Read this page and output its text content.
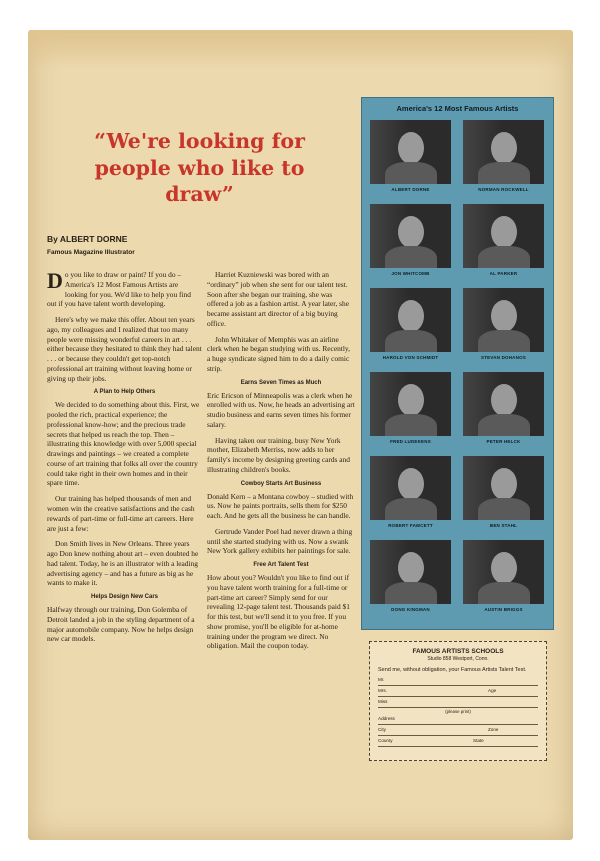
“We're looking for people who like to draw”
By ALBERT DORNE
Famous Magazine Illustrator

Do you like to draw or paint? If you do – America's 12 Most Famous Artists are looking for you. We'd like to help you find out if you have talent worth developing.

Here's why we make this offer. About ten years ago, my colleagues and I realized that too many people were missing wonderful careers in art . . . either because they hesitated to think they had talent . . . or because they couldn't get top-notch professional art training without leaving home or giving up their jobs.

A Plan to Help Others

We decided to do something about this. First, we pooled the rich, practical experience; the professional know-how; and the precious trade secrets that helped us reach the top. Then – illustrating this knowledge with over 5,000 special drawings and paintings – we created a complete course of art training that folks all over the country could take right in their own homes and in their spare time.

Our training has helped thousands of men and women win the creative satisfactions and the cash rewards of part-time or full-time art careers. Here are just a few:

Don Smith lives in New Orleans. Three years ago Don knew nothing about art – even doubted he had talent. Today, he is an illustrator with a leading advertising agency – and has a future as big as he wants to make it.

Helps Design New Cars

Halfway through our training, Don Golemba of Detroit landed a job in the styling department of a major automobile company. Now he helps design new car models.

Harriet Kuzniewski was bored with an “ordinary” job when she sent for our talent test. Soon after she began our training, she was offered a job as a fashion artist. A year later, she became assistant art director of a big buying office.

John Whitaker of Memphis was an airline clerk when he began studying with us. Recently, a huge syndicate signed him to do a daily comic strip.

Earns Seven Times as Much

Eric Ericson of Minneapolis was a clerk when he enrolled with us. Now, he heads an advertising art studio business and earns seven times his former salary.

Having taken our training, busy New York mother, Elizabeth Merriss, now adds to her family's income by designing greeting cards and illustrating children's books.

Cowboy Starts Art Business

Donald Kern – a Montana cowboy – studied with us. Now he paints portraits, sells them for $250 each. And he gets all the business he can handle.

Gertrude Vander Poel had never drawn a thing until she started studying with us. Now a swank New York gallery exhibits her paintings for sale.

Free Art Talent Test

How about you? Wouldn't you like to find out if you have talent worth training for a full-time or part-time art career? Simply send for our revealing 12-page talent test. Thousands paid $1 for this test, but we'll send it to you free. If you show promise, you'll be eligible for at-home training under the program we direct. No obligation. Mail the coupon today.

America's 12 Most Famous Artists
ALBERT DORNE	NORMAN ROCKWELL
JON WHITCOMB	AL PARKER
HAROLD VON SCHMIDT	STEVAN DOHANOS
FRED LUDEKENS	PETER HELCK
ROBERT FAWCETT	BEN STAHL
DONG KINGMAN	AUSTIN BRIGGS
FAMOUS ARTISTS SCHOOLS
Studio 858 Westport, Conn.
Send me, without obligation, your Famous Artists Talent Test.
Mr.
Mrs.	Age
Miss
(please print)
Address
City	Zone
County	State
